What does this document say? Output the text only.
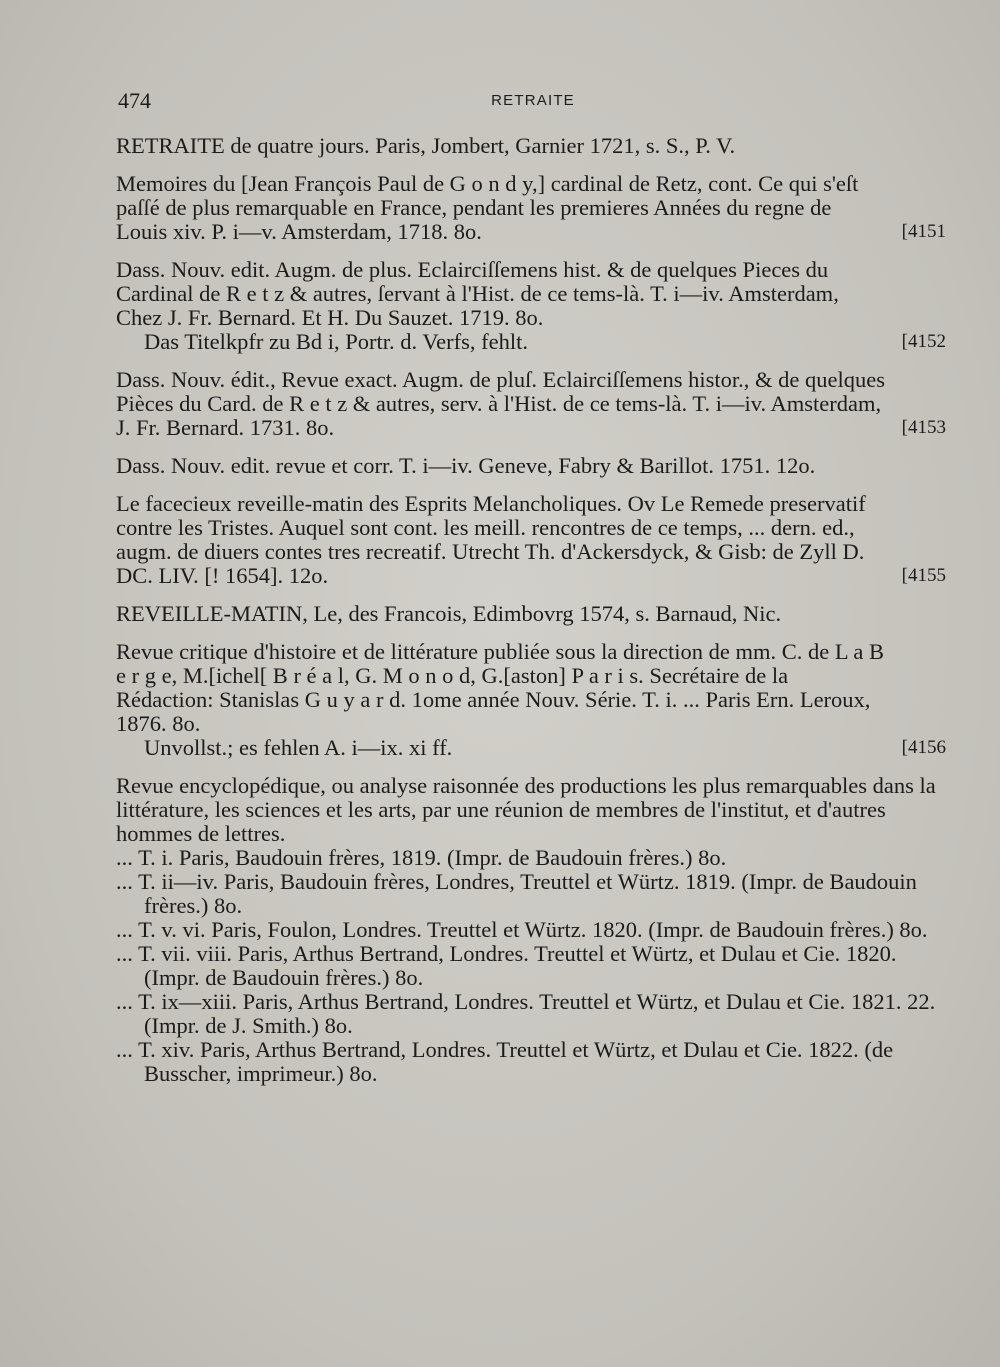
474	RETRAITE
RETRAITE de quatre jours. Paris, Jombert, Garnier 1721, s. S., P. V.
Memoires du [Jean François Paul de G o n d y,] cardinal de Retz, cont. Ce qui s'eſt paſſé de plus remarquable en France, pendant les premieres Années du regne de Louis xiv. P. i—v. Amsterdam, 1718. 8o.	[4151
Dass. Nouv. edit. Augm. de plus. Eclairciſſemens hist. & de quelques Pieces du Cardinal de R e t z & autres, ſervant à l'Hist. de ce tems-là. T. i—iv. Amsterdam, Chez J. Fr. Bernard. Et H. Du Sauzet. 1719. 8o.
Das Titelkpfr zu Bd i, Portr. d. Verfs, fehlt.	[4152
Dass. Nouv. édit., Revue exact. Augm. de pluſ. Eclairciſſemens histor., & de quelques Pièces du Card. de R e t z & autres, serv. à l'Hist. de ce tems-là. T. i—iv. Amsterdam, J. Fr. Bernard. 1731. 8o.	[4153
Dass. Nouv. edit. revue et corr. T. i—iv. Geneve, Fabry & Barillot. 1751. 12o.
Le facecieux reveille-matin des Esprits Melancholiques. Ov Le Remede preservatif contre les Tristes. Auquel sont cont. les meill. rencontres de ce temps, ... dern. ed., augm. de diuers contes tres recreatif. Utrecht Th. d'Ackersdyck, & Gisb: de Zyll D. DC. LIV. [! 1654]. 12o.	[4155
REVEILLE-MATIN, Le, des Francois, Edimbovrg 1574, s. Barnaud, Nic.
Revue critique d'histoire et de littérature publiée sous la direction de mm. C. de L a B e r g e, M.[ichel[ B r é a l, G. M o n o d, G.[aston] P a r i s. Secrétaire de la Rédaction: Stanislas G u y a r d. 1ome année Nouv. Série. T. i. ... Paris Ern. Leroux, 1876. 8o.
Unvollst.; es fehlen A. i—ix. xi ff.	[4156
Revue encyclopédique, ou analyse raisonnée des productions les plus remarquables dans la littérature, les sciences et les arts, par une réunion de membres de l'institut, et d'autres hommes de lettres.
... T. i. Paris, Baudouin frères, 1819. (Impr. de Baudouin frères.) 8o.
... T. ii—iv. Paris, Baudouin frères, Londres, Treuttel et Würtz. 1819. (Impr. de Baudouin frères.) 8o.
... T. v. vi. Paris, Foulon, Londres. Treuttel et Würtz. 1820. (Impr. de Baudouin frères.) 8o.
... T. vii. viii. Paris, Arthus Bertrand, Londres. Treuttel et Würtz, et Dulau et Cie. 1820. (Impr. de Baudouin frères.) 8o.
... T. ix—xiii. Paris, Arthus Bertrand, Londres. Treuttel et Würtz, et Dulau et Cie. 1821. 22. (Impr. de J. Smith.) 8o.
... T. xiv. Paris, Arthus Bertrand, Londres. Treuttel et Würtz, et Dulau et Cie. 1822. (de Busscher, imprimeur.) 8o.
